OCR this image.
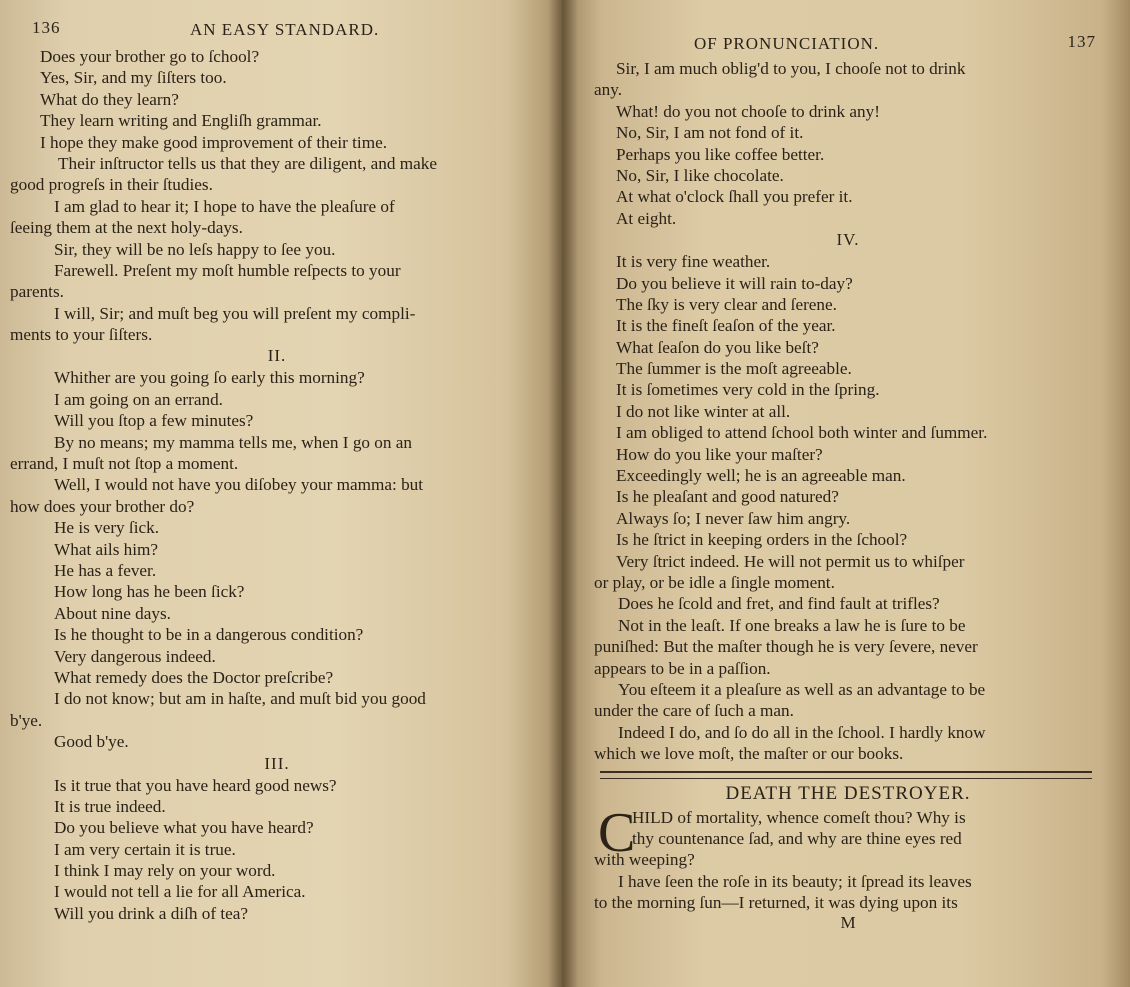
136	AN EASY STANDARD.
Does your brother go to ſchool?
Yes, Sir, and my ſiſters too.
What do they learn?
They learn writing and Engliſh grammar.
I hope they make good improvement of their time.
Their inſtructor tells us that they are diligent, and make
good progreſs in their ſtudies.
I am glad to hear it; I hope to have the pleaſure of
ſeeing them at the next holy-days.
Sir, they will be no leſs happy to ſee you.
Farewell. Preſent my moſt humble reſpects to your
parents.
I will, Sir; and muſt beg you will preſent my compli-
ments to your ſiſters.
II.
Whither are you going ſo early this morning?
I am going on an errand.
Will you ſtop a few minutes?
By no means; my mamma tells me, when I go on an
errand, I muſt not ſtop a moment.
Well, I would not have you diſobey your mamma: but
how does your brother do?
He is very ſick.
What ails him?
He has a fever.
How long has he been ſick?
About nine days.
Is he thought to be in a dangerous condition?
Very dangerous indeed.
What remedy does the Doctor preſcribe?
I do not know; but am in haſte, and muſt bid you good
b'ye.
Good b'ye.
III.
Is it true that you have heard good news?
It is true indeed.
Do you believe what you have heard?
I am very certain it is true.
I think I may rely on your word.
I would not tell a lie for all America.
Will you drink a diſh of tea?
OF PRONUNCIATION.	137
Sir, I am much oblig'd to you, I chooſe not to drink
any.
What! do you not chooſe to drink any!
No, Sir, I am not fond of it.
Perhaps you like coffee better.
No, Sir, I like chocolate.
At what o'clock ſhall you prefer it.
At eight.
IV.
It is very fine weather.
Do you believe it will rain to-day?
The ſky is very clear and ſerene.
It is the fineſt ſeaſon of the year.
What ſeaſon do you like beſt?
The ſummer is the moſt agreeable.
It is ſometimes very cold in the ſpring.
I do not like winter at all.
I am obliged to attend ſchool both winter and ſummer.
How do you like your maſter?
Exceedingly well; he is an agreeable man.
Is he pleaſant and good natured?
Always ſo; I never ſaw him angry.
Is he ſtrict in keeping orders in the ſchool?
Very ſtrict indeed. He will not permit us to whiſper
or play, or be idle a ſingle moment.
Does he ſcold and fret, and find fault at trifles?
Not in the leaſt. If one breaks a law he is ſure to be
puniſhed: But the maſter though he is very ſevere, never
appears to be in a paſſion.
You eſteem it a pleaſure as well as an advantage to be
under the care of ſuch a man.
Indeed I do, and ſo do all in the ſchool. I hardly know
which we love moſt, the maſter or our books.
DEATH THE DESTROYER.
C
HILD of mortality, whence comeſt thou? Why is
thy countenance ſad, and why are thine eyes red
with weeping?
I have ſeen the roſe in its beauty; it ſpread its leaves
to the morning ſun—I returned, it was dying upon its
M
